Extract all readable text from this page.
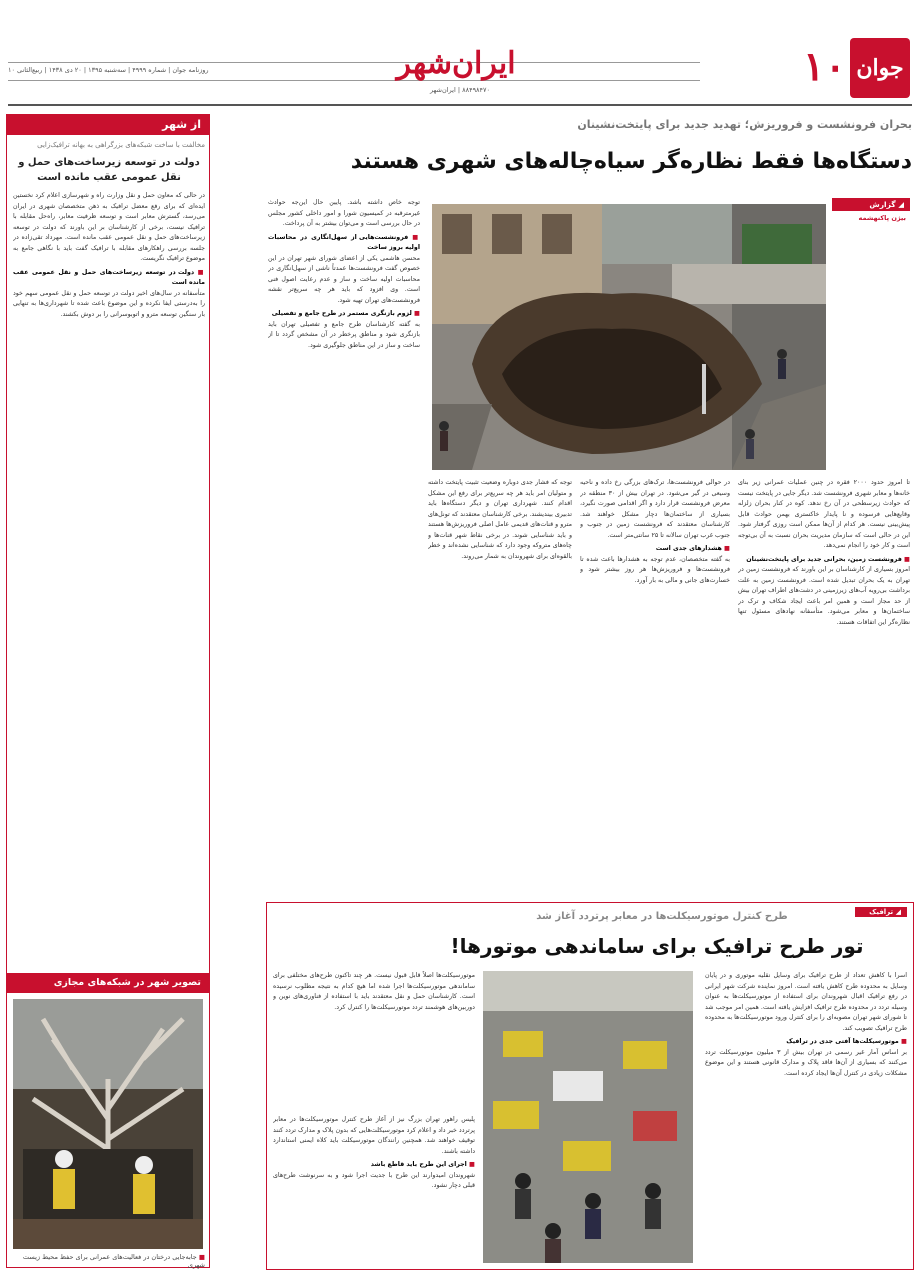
جوان
۱۰
روزنامه جوان | شماره ۴۹۹۹ | سه‌شنبه ۱۳۹۵ | ۲۰ دی ۱۴۳۸ | ربیع‌الثانی ۱۰	ایران‌شهر
۸۸۴۹۸۴۷۰ | ایران‌شهر
از شهر
مخالفت با ساخت شبکه‌های بزرگراهی به بهانه ترافیک‌زایی
دولت در توسعه زیرساخت‌های حمل و نقل عمومی عقب مانده است
در حالی که معاون حمل و نقل وزارت راه و شهرسازی اعلام کرد نخستین ایده‌ای که برای رفع معضل ترافیک به ذهن متخصصان شهری در ایران می‌رسد، گسترش معابر است و توسعه ظرفیت معابر، راه‌حل مقابله با ترافیک نیست، برخی از کارشناسان بر این باورند که دولت در توسعه زیرساخت‌های حمل و نقل عمومی عقب مانده است. مهرداد تقی‌زاده در جلسه بررسی راهکارهای مقابله با ترافیک گفت باید با نگاهی جامع به موضوع ترافیک نگریست.
■ دولت در توسعه زیرساخت‌های حمل و نقل عمومی عقب مانده است
متأسفانه در سال‌های اخیر دولت در توسعه حمل و نقل عمومی سهم خود را به‌درستی ایفا نکرده و این موضوع باعث شده تا شهرداری‌ها به تنهایی بار سنگین توسعه مترو و اتوبوسرانی را بر دوش بکشند.
تصویر شهر در شبکه‌های مجازی
■ جابه‌جایی درختان در فعالیت‌های عمرانی برای حفظ محیط زیست شهری
بحران فرونشست و فروریزش؛ تهدید جدید برای پایتخت‌نشینان
دستگاه‌ها فقط نظاره‌گر سیاه‌چاله‌های شهری هستند
◢ گزارش
بیژن پاکنهشمه
تا امروز حدود ۲۰۰۰ فقره در چنین عملیات عمرانی زیر بنای خانه‌ها و معابر شهری فرونشست شد. دیگر جایی در پایتخت نیست که حوادث زیرسطحی در آن رخ ندهد. کوه در کنار بحران زلزله وقایع‌هایی فرسوده و نا پایدار خاکستری بهمن حوادث قابل پیش‌بینی نیست. هر کدام از آن‌ها ممکن است روزی گرفتار شود. این در حالی است که سازمان مدیریت بحران نسبت به آن بی‌توجه است و کار خود را انجام نمی‌دهد.
■ فرونشست زمین، بحرانی جدید برای پایتخت‌نشینان
امروز بسیاری از کارشناسان بر این باورند که فرونشست زمین در تهران به یک بحران تبدیل شده است. فرونشست زمین به علت برداشت بی‌رویه آب‌های زیرزمینی در دشت‌های اطراف تهران بیش از حد مجاز است و همین امر باعث ایجاد شکاف و ترک در ساختمان‌ها و معابر می‌شود. متأسفانه نهادهای مسئول تنها نظاره‌گر این اتفاقات هستند.
در حوالی فرونشست‌ها، ترک‌های بزرگی رخ داده و ناحیه وسیعی در گیر می‌شود. در تهران بیش از ۳۰ منطقه در معرض فرونشست قرار دارد و اگر اقدامی صورت نگیرد، بسیاری از ساختمان‌ها دچار مشکل خواهند شد. کارشناسان معتقدند که فرونشست زمین در جنوب و جنوب غرب تهران سالانه تا ۲۵ سانتی‌متر است.
■ هشدارهای جدی است
به گفته متخصصان، عدم توجه به هشدارها باعث شده تا فرونشست‌ها و فروریزش‌ها هر روز بیشتر شود و خسارت‌های جانی و مالی به بار آورد.
توجه که فشار جدی دوباره وضعیت تثبیت پایتخت داشته و متولیان امر باید هر چه سریع‌تر برای رفع این مشکل اقدام کنند. شهرداری تهران و دیگر دستگاه‌ها باید تدبیری بیندیشند. برخی کارشناسان معتقدند که تونل‌های مترو و قنات‌های قدیمی عامل اصلی فروریزش‌ها هستند و باید شناسایی شوند. در برخی نقاط شهر قنات‌ها و چاه‌های متروکه وجود دارد که شناسایی نشده‌اند و خطر بالقوه‌ای برای شهروندان به شمار می‌روند.
توجه خاص داشته باشد. پایین حال این‌جه حوادث غیرمترقبه در کمیسیون شورا و امور داخلی کشور مجلس در حال بررسی است و می‌توان بیشتر به آن پرداخت.
■ فرونشست‌هایی از سهل‌انگاری در محاسبات اولیه بروز ساخت
محسن هاشمی یکی از اعضای شورای شهر تهران در این خصوص گفت فرونشست‌ها عمدتاً ناشی از سهل‌انگاری در محاسبات اولیه ساخت و ساز و عدم رعایت اصول فنی است. وی افزود که باید هر چه سریع‌تر نقشه فرونشست‌های تهران تهیه شود.
■ لزوم بازنگری مستمر در طرح جامع و تفصیلی
به گفته کارشناسان طرح جامع و تفصیلی تهران باید بازنگری شود و مناطق پرخطر در آن مشخص گردد تا از ساخت و ساز در این مناطق جلوگیری شود.
◢ ترافیک
طرح کنترل موتورسیکلت‌ها در معابر پرتردد آغاز شد
تور طرح ترافیک برای ساماندهی موتورها!
اسرا با کاهش تعداد از طرح ترافیک برای وسایل نقلیه موتوری و در پایان وسایل به محدوده طرح کاهش یافته است. امروز نماینده شرکت شهر ایرانی در رفع ترافیک اقبال شهروندان برای استفاده از موتورسیکلت‌ها به عنوان وسیله تردد در محدوده طرح ترافیک افزایش یافته است. همین امر موجب شد تا شورای شهر تهران مصوبه‌ای را برای کنترل ورود موتورسیکلت‌ها به محدوده طرح ترافیک تصویب کند.
■ موتورسیکلت‌ها آفتی جدی در ترافیک
بر اساس آمار غیر رسمی در تهران بیش از ۳ میلیون موتورسیکلت تردد می‌کنند که بسیاری از آن‌ها فاقد پلاک و مدارک قانونی هستند و این موضوع مشکلات زیادی در کنترل آن‌ها ایجاد کرده است.
موتورسیکلت‌ها اصلاً قابل قبول نیست. هر چند تاکنون طرح‌های مختلفی برای ساماندهی موتورسیکلت‌ها اجرا شده اما هیچ کدام به نتیجه مطلوب نرسیده است. کارشناسان حمل و نقل معتقدند باید با استفاده از فناوری‌های نوین و دوربین‌های هوشمند تردد موتورسیکلت‌ها را کنترل کرد.
پلیس راهور تهران بزرگ نیز از آغاز طرح کنترل موتورسیکلت‌ها در معابر پرتردد خبر داد و اعلام کرد موتورسیکلت‌هایی که بدون پلاک و مدارک تردد کنند توقیف خواهند شد. همچنین رانندگان موتورسیکلت باید کلاه ایمنی استاندارد داشته باشند.
■ اجرای این طرح باید قاطع باشد
شهروندان امیدوارند این طرح با جدیت اجرا شود و به سرنوشت طرح‌های قبلی دچار نشود.
